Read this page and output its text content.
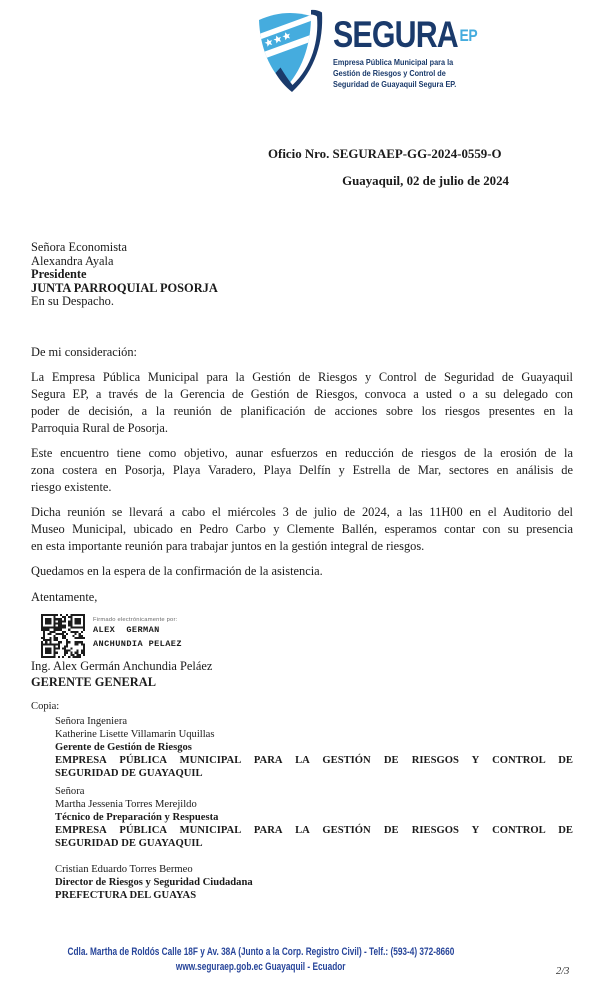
SEGURA EP
Empresa Pública Municipal para la
Gestión de Riesgos y Control de
Seguridad de Guayaquil Segura EP.
Oficio Nro. SEGURAEP-GG-2024-0559-O
Guayaquil, 02 de julio de 2024
Señora Economista
Alexandra Ayala
Presidente
JUNTA PARROQUIAL POSORJA
En su Despacho.
De mi consideración:
La Empresa Pública Municipal para la Gestión de Riesgos y Control de Seguridad de Guayaquil
Segura EP, a través de la Gerencia de Gestión de Riesgos, convoca a usted o a su delegado con
poder de decisión, a la reunión de planificación de acciones sobre los riesgos presentes en la
Parroquia Rural de Posorja.
Este encuentro tiene como objetivo, aunar esfuerzos en reducción de riesgos de la erosión de la
zona costera en Posorja, Playa Varadero, Playa Delfín y Estrella de Mar, sectores en análisis de
riesgo existente.
Dicha reunión se llevará a cabo el miércoles 3 de julio de 2024, a las 11H00 en el Auditorio del
Museo Municipal, ubicado en Pedro Carbo y Clemente Ballén, esperamos contar con su presencia
en esta importante reunión para trabajar juntos en la gestión integral de riesgos.
Quedamos en la espera de la confirmación de la asistencia.
Atentamente,
Firmado electrónicamente por:
ALEX  GERMAN
ANCHUNDIA PELAEZ
Ing. Alex Germán Anchundia Peláez
GERENTE GENERAL
Copia:
Señora Ingeniera
Katherine Lisette Villamarin Uquillas
Gerente de Gestión de Riesgos
EMPRESA PÚBLICA MUNICIPAL PARA LA GESTIÓN DE RIESGOS Y CONTROL DE
SEGURIDAD DE GUAYAQUIL
Señora
Martha Jessenia Torres Merejildo
Técnico de Preparación y Respuesta
EMPRESA PÚBLICA MUNICIPAL PARA LA GESTIÓN DE RIESGOS Y CONTROL DE
SEGURIDAD DE GUAYAQUIL
Cristian Eduardo Torres Bermeo
Director de Riesgos y Seguridad Ciudadana
PREFECTURA DEL GUAYAS
Cdla. Martha de Roldós Calle 18F y Av. 38A (Junto a la Corp. Registro Civil) - Telf.: (593-4) 372-8660
www.seguraep.gob.ec Guayaquil - Ecuador	2/3
